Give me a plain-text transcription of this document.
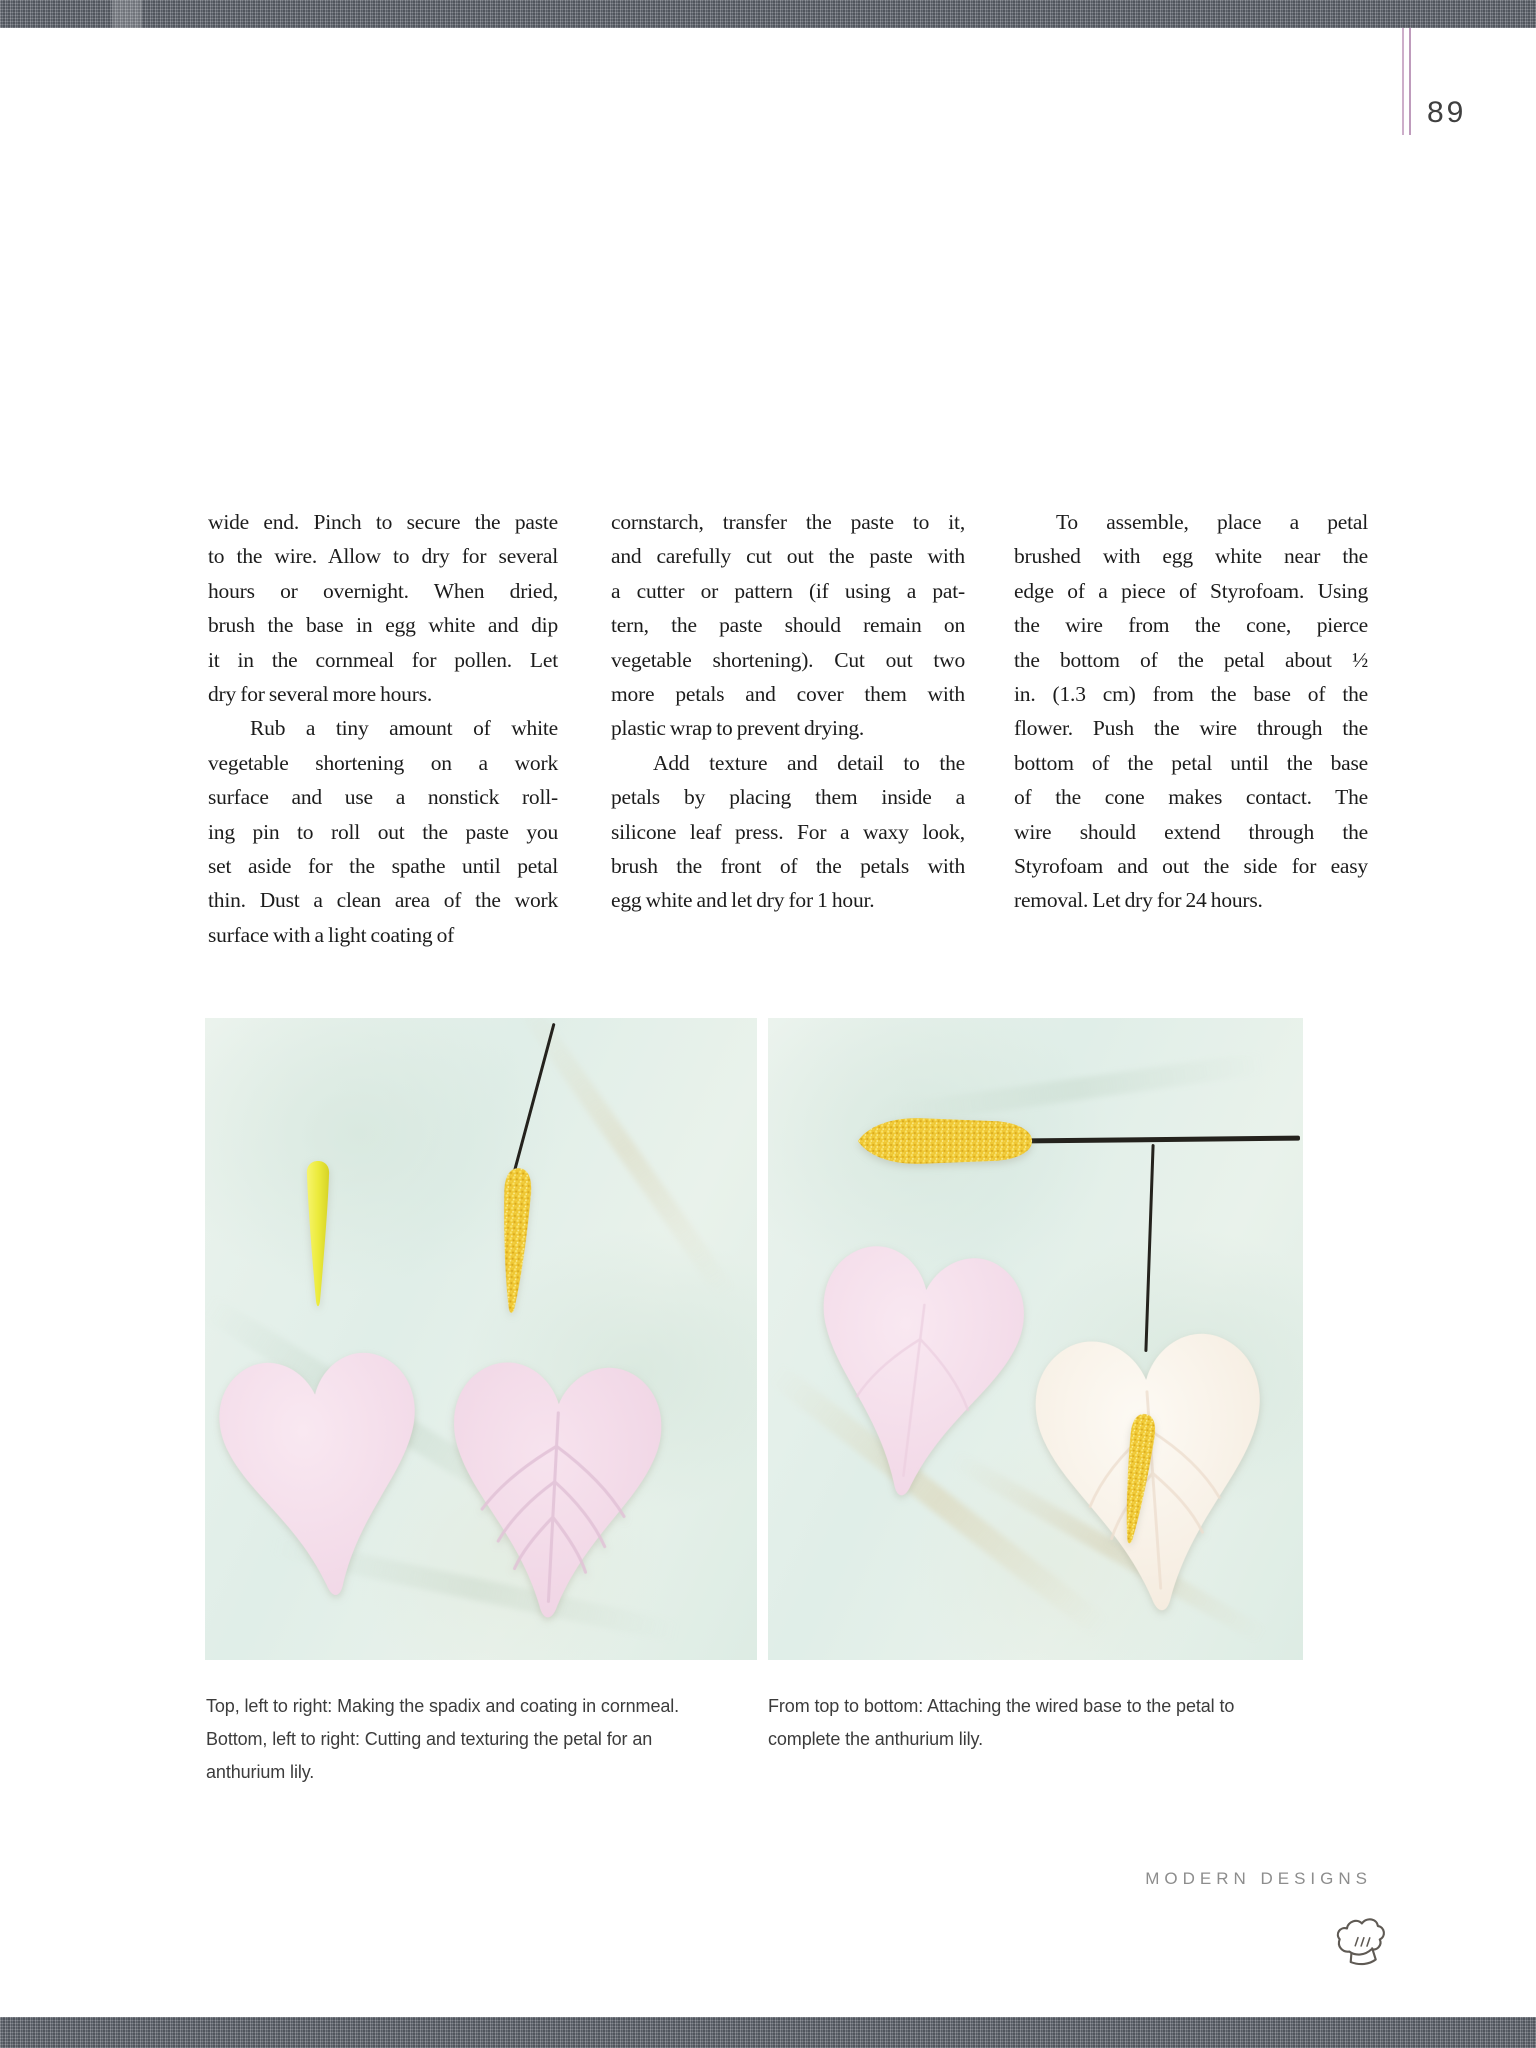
89
wide end. Pinch to secure the paste
to the wire. Allow to dry for several
hours or overnight. When dried,
brush the base in egg white and dip
it in the cornmeal for pollen. Let
dry for several more hours.
Rub a tiny amount of white
vegetable shortening on a work
surface and use a nonstick roll-
ing pin to roll out the paste you
set aside for the spathe until petal
thin. Dust a clean area of the work
surface with a light coating of
cornstarch, transfer the paste to it,
and carefully cut out the paste with
a cutter or pattern (if using a pat-
tern, the paste should remain on
vegetable shortening). Cut out two
more petals and cover them with
plastic wrap to prevent drying.
Add texture and detail to the
petals by placing them inside a
silicone leaf press. For a waxy look,
brush the front of the petals with
egg white and let dry for 1 hour.
To assemble, place a petal
brushed with egg white near the
edge of a piece of Styrofoam. Using
the wire from the cone, pierce
the bottom of the petal about ½
in. (1.3 cm) from the base of the
flower. Push the wire through the
bottom of the petal until the base
of the cone makes contact. The
wire should extend through the
Styrofoam and out the side for easy
removal. Let dry for 24 hours.
Top, left to right: Making the spadix and coating in cornmeal.
Bottom, left to right: Cutting and texturing the petal for an
anthurium lily.
From top to bottom: Attaching the wired base to the petal to
complete the anthurium lily.
MODERN DESIGNS
